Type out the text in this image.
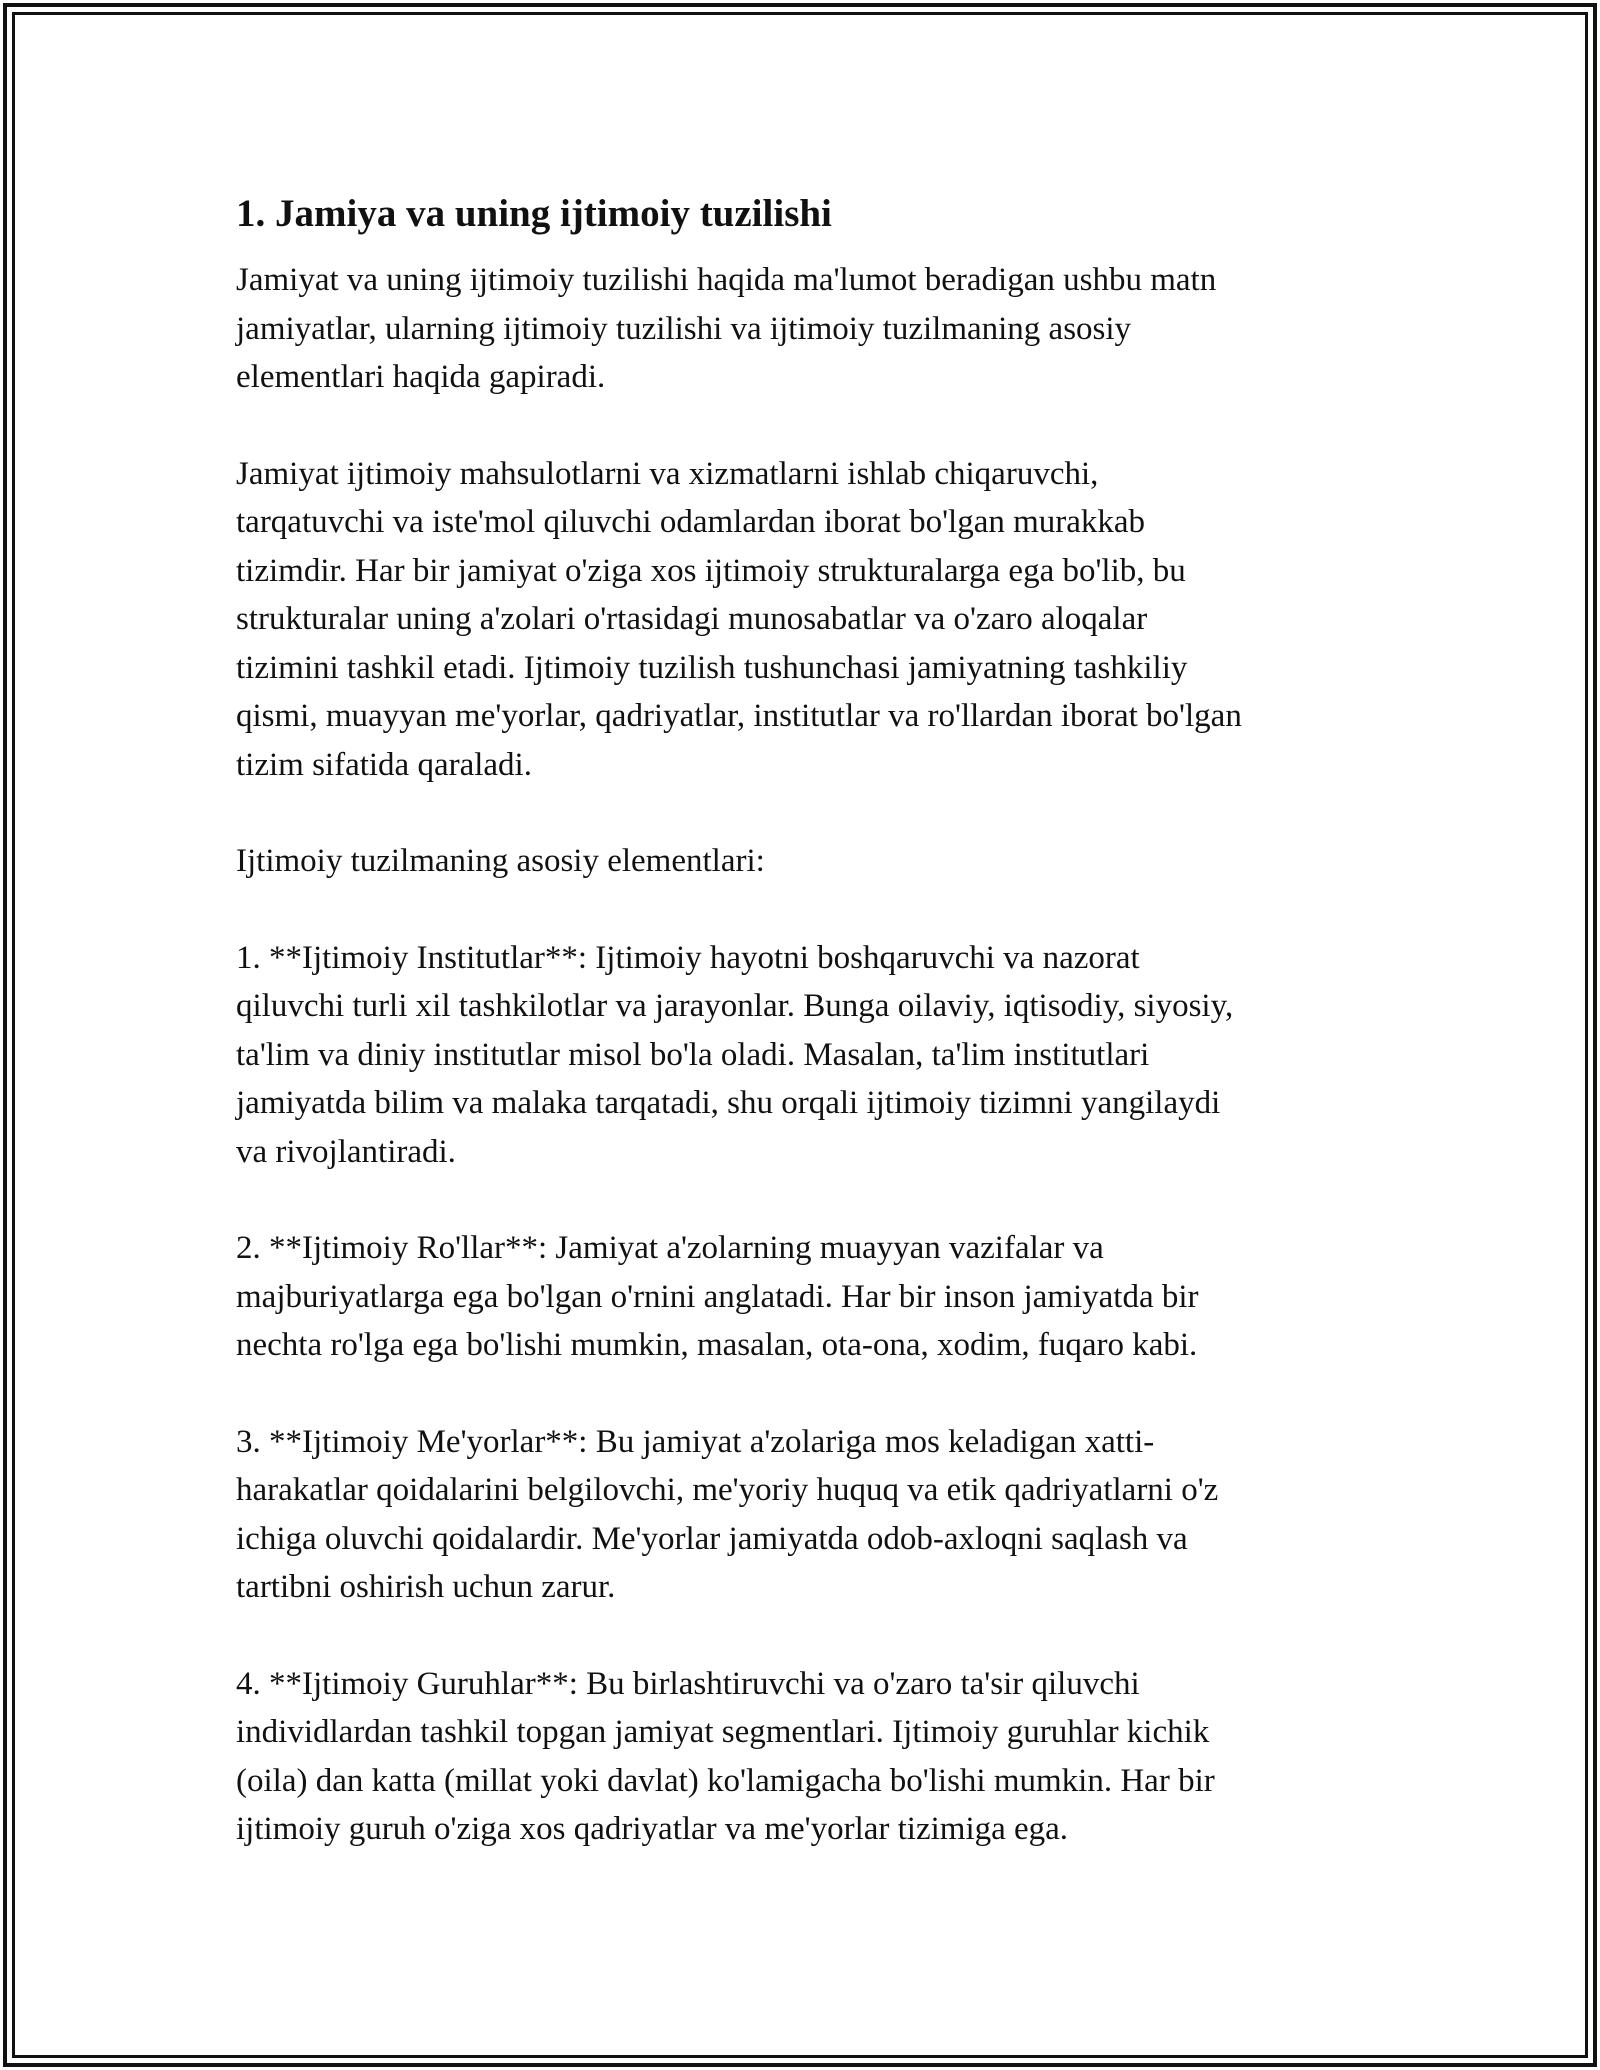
1. Jamiya va uning ijtimoiy tuzilishi

Jamiyat va uning ijtimoiy tuzilishi haqida ma'lumot beradigan ushbu matn
jamiyatlar, ularning ijtimoiy tuzilishi va ijtimoiy tuzilmaning asosiy
elementlari haqida gapiradi.

Jamiyat ijtimoiy mahsulotlarni va xizmatlarni ishlab chiqaruvchi,
tarqatuvchi va iste'mol qiluvchi odamlardan iborat bo'lgan murakkab
tizimdir. Har bir jamiyat o'ziga xos ijtimoiy strukturalarga ega bo'lib, bu
strukturalar uning a'zolari o'rtasidagi munosabatlar va o'zaro aloqalar
tizimini tashkil etadi. Ijtimoiy tuzilish tushunchasi jamiyatning tashkiliy
qismi, muayyan me'yorlar, qadriyatlar, institutlar va ro'llardan iborat bo'lgan
tizim sifatida qaraladi.

Ijtimoiy tuzilmaning asosiy elementlari:

1. **Ijtimoiy Institutlar**: Ijtimoiy hayotni boshqaruvchi va nazorat
qiluvchi turli xil tashkilotlar va jarayonlar. Bunga oilaviy, iqtisodiy, siyosiy,
ta'lim va diniy institutlar misol bo'la oladi. Masalan, ta'lim institutlari
jamiyatda bilim va malaka tarqatadi, shu orqali ijtimoiy tizimni yangilaydi
va rivojlantiradi.

2. **Ijtimoiy Ro'llar**: Jamiyat a'zolarning muayyan vazifalar va
majburiyatlarga ega bo'lgan o'rnini anglatadi. Har bir inson jamiyatda bir
nechta ro'lga ega bo'lishi mumkin, masalan, ota-ona, xodim, fuqaro kabi.

3. **Ijtimoiy Me'yorlar**: Bu jamiyat a'zolariga mos keladigan xatti-
harakatlar qoidalarini belgilovchi, me'yoriy huquq va etik qadriyatlarni o'z
ichiga oluvchi qoidalardir. Me'yorlar jamiyatda odob-axloqni saqlash va
tartibni oshirish uchun zarur.

4. **Ijtimoiy Guruhlar**: Bu birlashtiruvchi va o'zaro ta'sir qiluvchi
individlardan tashkil topgan jamiyat segmentlari. Ijtimoiy guruhlar kichik
(oila) dan katta (millat yoki davlat) ko'lamigacha bo'lishi mumkin. Har bir
ijtimoiy guruh o'ziga xos qadriyatlar va me'yorlar tizimiga ega.
